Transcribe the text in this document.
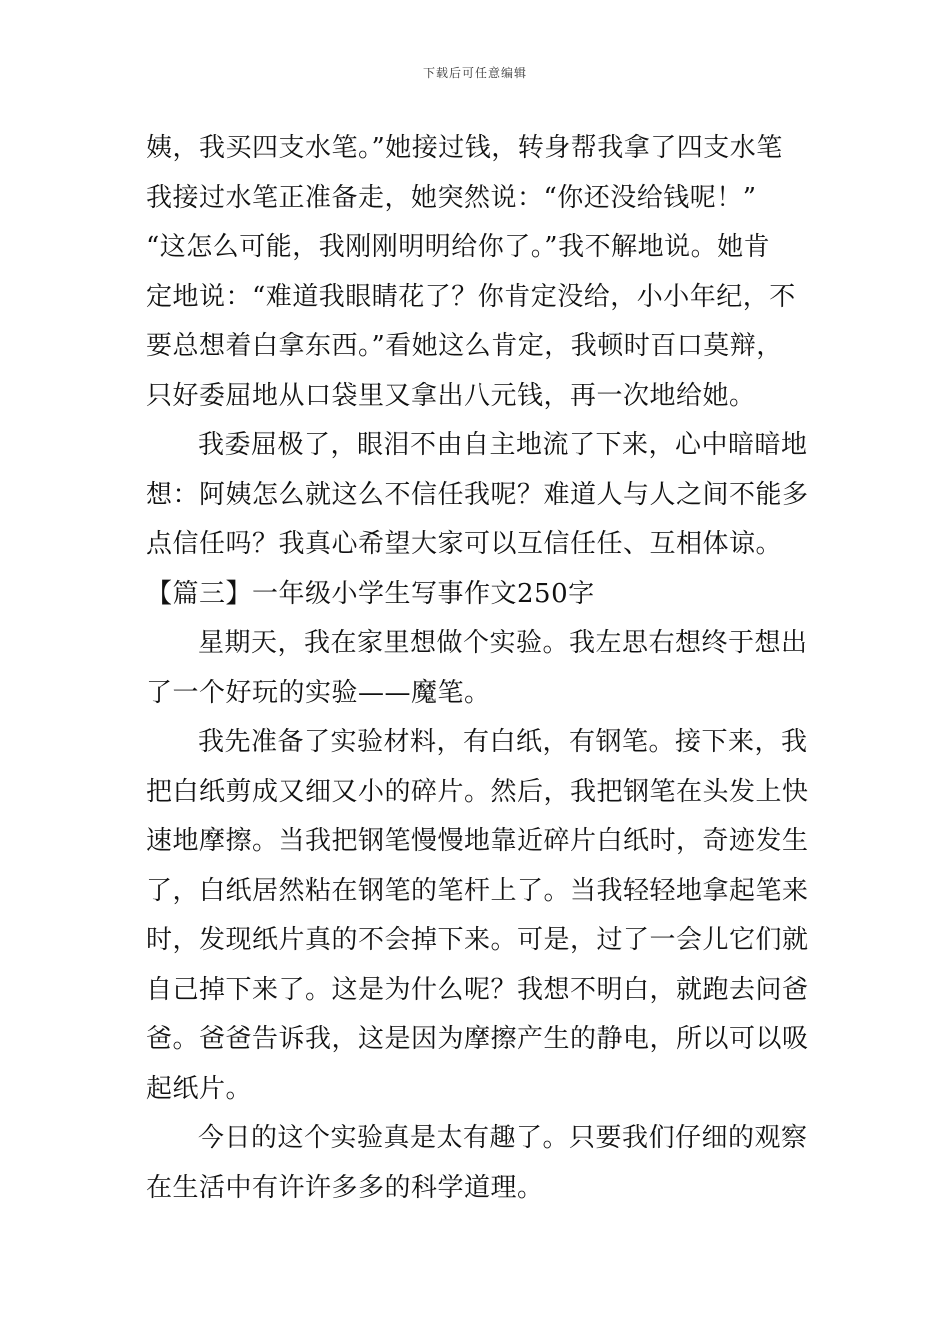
下载后可任意编辑
姨，我买四支水笔。”她接过钱，转身帮我拿了四支水笔
我接过水笔正准备走，她突然说：“你还没给钱呢！”
“这怎么可能，我刚刚明明给你了。”我不解地说。她肯
定地说：“难道我眼睛花了？你肯定没给，小小年纪，不
要总想着白拿东西。”看她这么肯定，我顿时百口莫辩，
只好委屈地从口袋里又拿出八元钱，再一次地给她。
我委屈极了，眼泪不由自主地流了下来，心中暗暗地
想：阿姨怎么就这么不信任我呢？难道人与人之间不能多
点信任吗？我真心希望大家可以互信任任、互相体谅。
【篇三】一年级小学生写事作文250字
星期天，我在家里想做个实验。我左思右想终于想出
了一个好玩的实验——魔笔。
我先准备了实验材料，有白纸，有钢笔。接下来，我
把白纸剪成又细又小的碎片。然后，我把钢笔在头发上快
速地摩擦。当我把钢笔慢慢地靠近碎片白纸时，奇迹发生
了，白纸居然粘在钢笔的笔杆上了。当我轻轻地拿起笔来
时，发现纸片真的不会掉下来。可是，过了一会儿它们就
自己掉下来了。这是为什么呢？我想不明白，就跑去问爸
爸。爸爸告诉我，这是因为摩擦产生的静电，所以可以吸
起纸片。
今日的这个实验真是太有趣了。只要我们仔细的观察
在生活中有许许多多的科学道理。
